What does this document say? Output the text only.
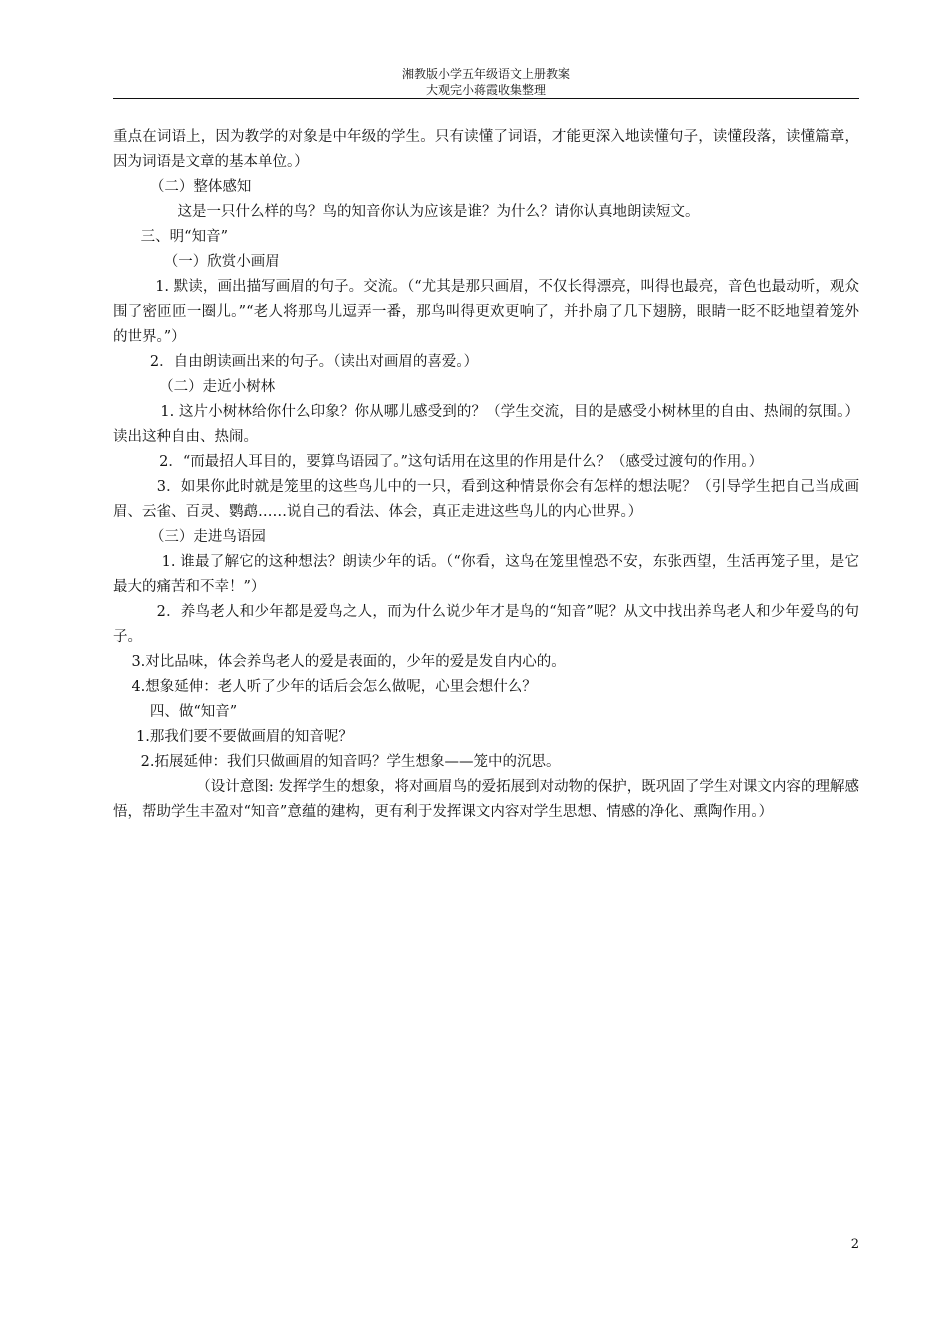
湘教版小学五年级语文上册教案
大观完小蒋霞收集整理

重点在词语上，因为教学的对象是中年级的学生。只有读懂了词语，才能更深入地读懂句子，读懂段落，读懂篇章，因为词语是文章的基本单位。）

（二）整体感知

这是一只什么样的鸟？鸟的知音你认为应该是谁？为什么？请你认真地朗读短文。

三、明“知音”

（一）欣赏小画眉

1. 默读，画出描写画眉的句子。交流。（“尤其是那只画眉，不仅长得漂亮，叫得也最亮，音色也最动听，观众围了密匝匝一圈儿。”“老人将那鸟儿逗弄一番，那鸟叫得更欢更响了，并扑扇了几下翅膀，眼睛一眨不眨地望着笼外的世界。”）

2．自由朗读画出来的句子。（读出对画眉的喜爱。）

（二）走近小树林

1. 这片小树林给你什么印象？你从哪儿感受到的？（学生交流，目的是感受小树林里的自由、热闹的氛围。）读出这种自由、热闹。

2．“而最招人耳目的，要算鸟语园了。”这句话用在这里的作用是什么？（感受过渡句的作用。）

3．如果你此时就是笼里的这些鸟儿中的一只，看到这种情景你会有怎样的想法呢？（引导学生把自己当成画眉、云雀、百灵、鹦鹉……说自己的看法、体会，真正走进这些鸟儿的内心世界。）

（三）走进鸟语园

1. 谁最了解它的这种想法？朗读少年的话。（“你看，这鸟在笼里惶恐不安，东张西望，生活再笼子里，是它最大的痛苦和不幸！”）

2．养鸟老人和少年都是爱鸟之人，而为什么说少年才是鸟的“知音”呢？从文中找出养鸟老人和少年爱鸟的句子。

3.对比品味，体会养鸟老人的爱是表面的，少年的爱是发自内心的。

4.想象延伸：老人听了少年的话后会怎么做呢，心里会想什么？

四、做“知音”

1.那我们要不要做画眉的知音呢？

2.拓展延伸：我们只做画眉的知音吗？学生想象——笼中的沉思。

（设计意图: 发挥学生的想象，将对画眉鸟的爱拓展到对动物的保护，既巩固了学生对课文内容的理解感悟，帮助学生丰盈对“知音”意蕴的建构，更有利于发挥课文内容对学生思想、情感的净化、熏陶作用。）

2
